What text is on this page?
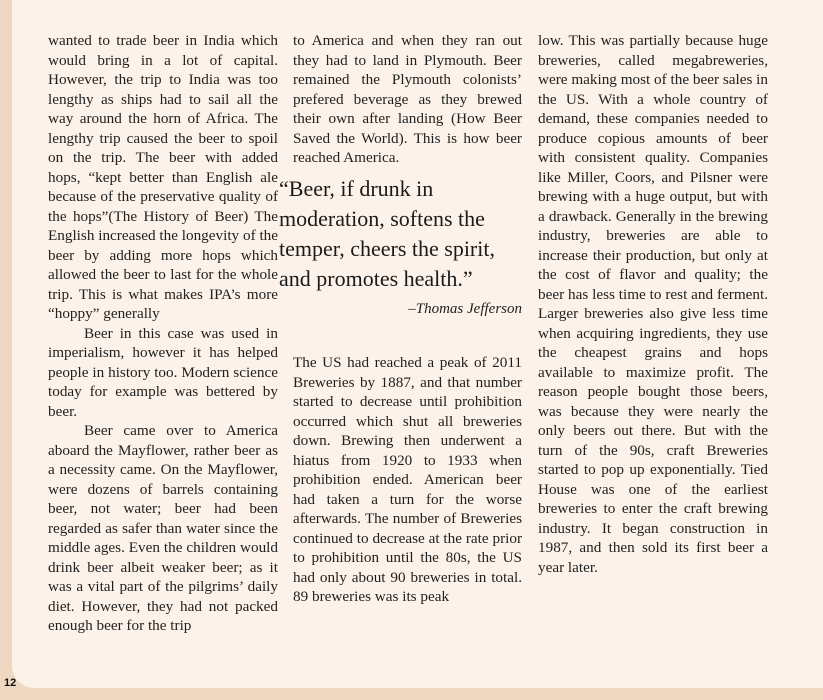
wanted to trade beer in India which would bring in a lot of capital. However, the trip to India was too lengthy as ships had to sail all the way around the horn of Africa. The lengthy trip caused the beer to spoil on the trip. The beer with added hops, “kept better than English ale because of the preservative quality of the hops”(The History of Beer) The English increased the longevity of the beer by adding more hops which allowed the beer to last for the whole trip. This is what makes IPA’s more “hoppy” generally

Beer in this case was used in imperialism, however it has helped people in history too. Modern science today for example was bettered by beer.

Beer came over to America aboard the Mayflower, rather beer as a necessity came. On the Mayflower, were dozens of barrels containing beer, not water; beer had been regarded as safer than water since the middle ages. Even the children would drink beer albeit weaker beer; as it was a vital part of the pilgrims’ daily diet. However, they had not packed enough beer for the trip

to America and when they ran out they had to land in Plymouth. Beer remained the Plymouth colonists’ prefered beverage as they brewed their own after landing (How Beer Saved the World). This is how beer reached America.

“Beer, if drunk in moderation, softens the temper, cheers the spirit, and promotes health.”
–Thomas Jefferson

The US had reached a peak of 2011 Breweries by 1887, and that number started to decrease until prohibition occurred which shut all breweries down. Brewing then underwent a hiatus from 1920 to 1933 when prohibition ended. American beer had taken a turn for the worse afterwards. The number of Breweries continued to decrease at the rate prior to prohibition until the 80s, the US had only about 90 breweries in total. 89 breweries was its peak

low. This was partially because huge breweries, called megabreweries, were making most of the beer sales in the US. With a whole country of demand, these companies needed to produce copious amounts of beer with consistent quality. Companies like Miller, Coors, and Pilsner were brewing with a huge output, but with a drawback. Generally in the brewing industry, breweries are able to increase their production, but only at the cost of flavor and quality; the beer has less time to rest and ferment. Larger breweries also give less time when acquiring ingredients, they use the cheapest grains and hops available to maximize profit. The reason people bought those beers, was because they were nearly the only beers out there. But with the turn of the 90s, craft Breweries started to pop up exponentially. Tied House was one of the earliest breweries to enter the craft brewing industry. It began construction in 1987, and then sold its first beer a year later.

12
